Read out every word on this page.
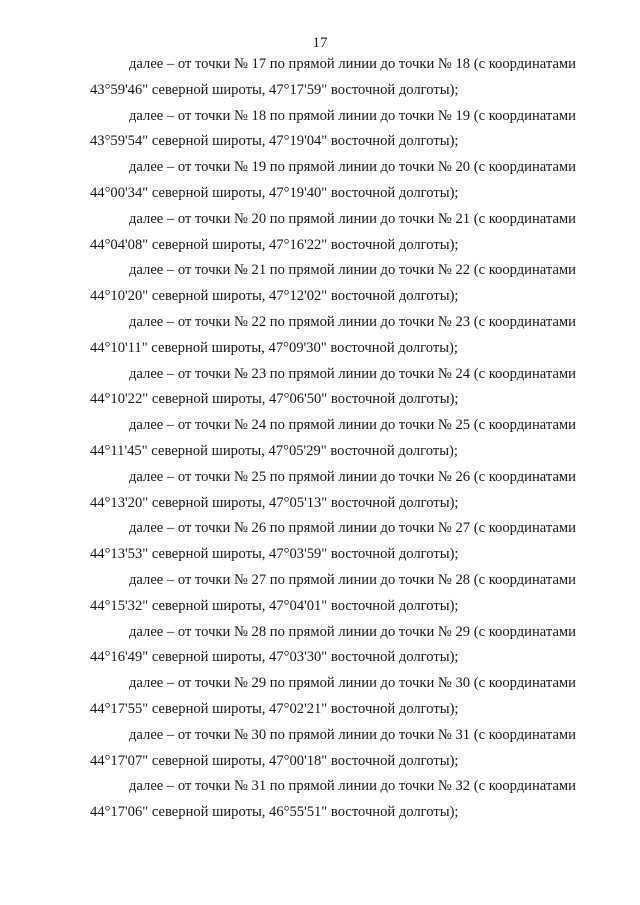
17

далее – от точки № 17 по прямой линии до точки № 18 (с координатами
43°59'46" северной широты, 47°17'59" восточной долготы);

далее – от точки № 18 по прямой линии до точки № 19 (с координатами
43°59'54" северной широты, 47°19'04" восточной долготы);

далее – от точки № 19 по прямой линии до точки № 20 (с координатами
44°00'34" северной широты, 47°19'40" восточной долготы);

далее – от точки № 20 по прямой линии до точки № 21 (с координатами
44°04'08" северной широты, 47°16'22" восточной долготы);

далее – от точки № 21 по прямой линии до точки № 22 (с координатами
44°10'20" северной широты, 47°12'02" восточной долготы);

далее – от точки № 22 по прямой линии до точки № 23 (с координатами
44°10'11" северной широты, 47°09'30" восточной долготы);

далее – от точки № 23 по прямой линии до точки № 24 (с координатами
44°10'22" северной широты, 47°06'50" восточной долготы);

далее – от точки № 24 по прямой линии до точки № 25 (с координатами
44°11'45" северной широты, 47°05'29" восточной долготы);

далее – от точки № 25 по прямой линии до точки № 26 (с координатами
44°13'20" северной широты, 47°05'13" восточной долготы);

далее – от точки № 26 по прямой линии до точки № 27 (с координатами
44°13'53" северной широты, 47°03'59" восточной долготы);

далее – от точки № 27 по прямой линии до точки № 28 (с координатами
44°15'32" северной широты, 47°04'01" восточной долготы);

далее – от точки № 28 по прямой линии до точки № 29 (с координатами
44°16'49" северной широты, 47°03'30" восточной долготы);

далее – от точки № 29 по прямой линии до точки № 30 (с координатами
44°17'55" северной широты, 47°02'21" восточной долготы);

далее – от точки № 30 по прямой линии до точки № 31 (с координатами
44°17'07" северной широты, 47°00'18" восточной долготы);

далее – от точки № 31 по прямой линии до точки № 32 (с координатами
44°17'06" северной широты, 46°55'51" восточной долготы);
